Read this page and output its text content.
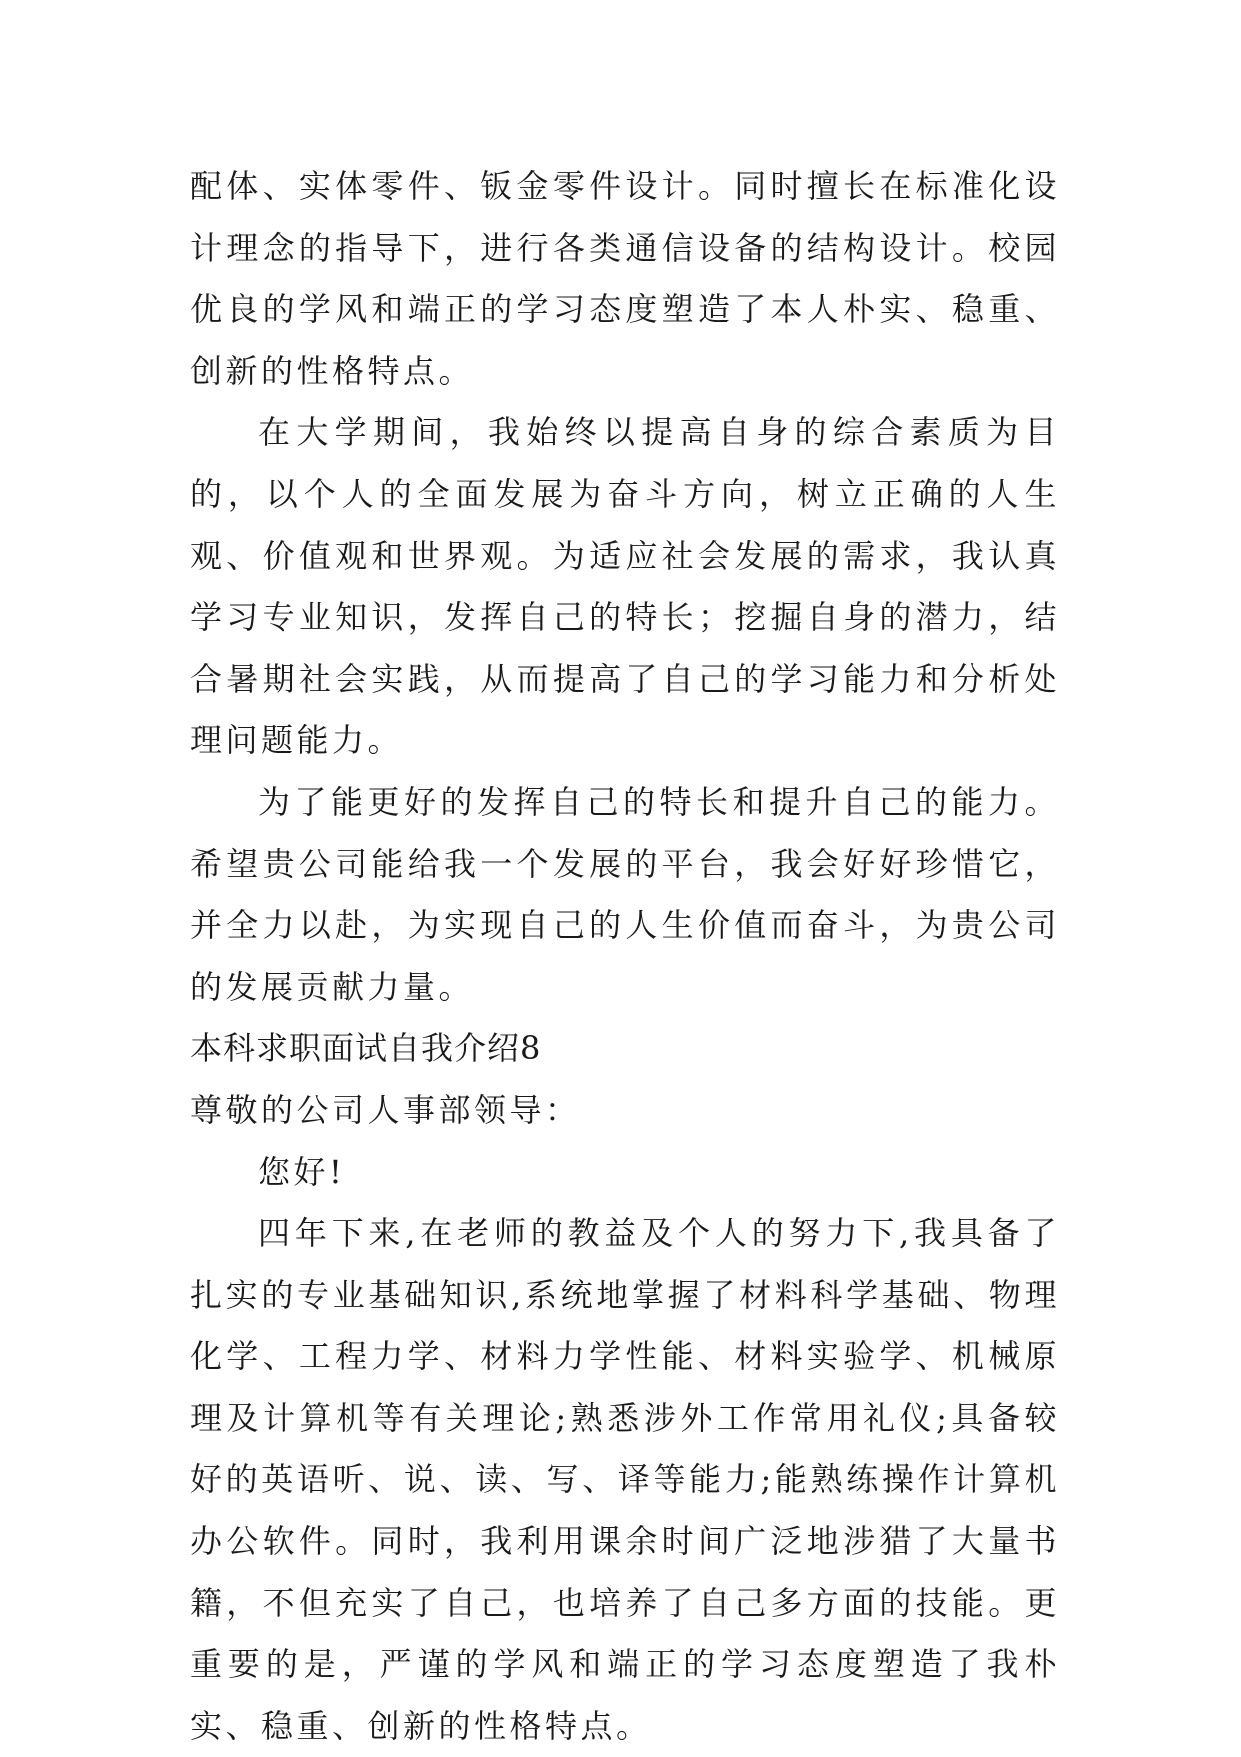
配体、实体零件、钣金零件设计。同时擅长在标准化设计理念的指导下，进行各类通信设备的结构设计。校园优良的学风和端正的学习态度塑造了本人朴实、稳重、创新的性格特点。

在大学期间，我始终以提高自身的综合素质为目的，以个人的全面发展为奋斗方向，树立正确的人生观、价值观和世界观。为适应社会发展的需求，我认真学习专业知识，发挥自己的特长；挖掘自身的潜力，结合暑期社会实践，从而提高了自己的学习能力和分析处理问题能力。

为了能更好的发挥自己的特长和提升自己的能力。希望贵公司能给我一个发展的平台，我会好好珍惜它，并全力以赴，为实现自己的人生价值而奋斗，为贵公司的发展贡献力量。

本科求职面试自我介绍8

尊敬的公司人事部领导：

您好!

四年下来,在老师的教益及个人的努力下,我具备了扎实的专业基础知识,系统地掌握了材料科学基础、物理化学、工程力学、材料力学性能、材料实验学、机械原理及计算机等有关理论;熟悉涉外工作常用礼仪;具备较好的英语听、说、读、写、译等能力;能熟练操作计算机办公软件。同时，我利用课余时间广泛地涉猎了大量书籍，不但充实了自己，也培养了自己多方面的技能。更重要的是，严谨的学风和端正的学习态度塑造了我朴实、稳重、创新的性格特点。
